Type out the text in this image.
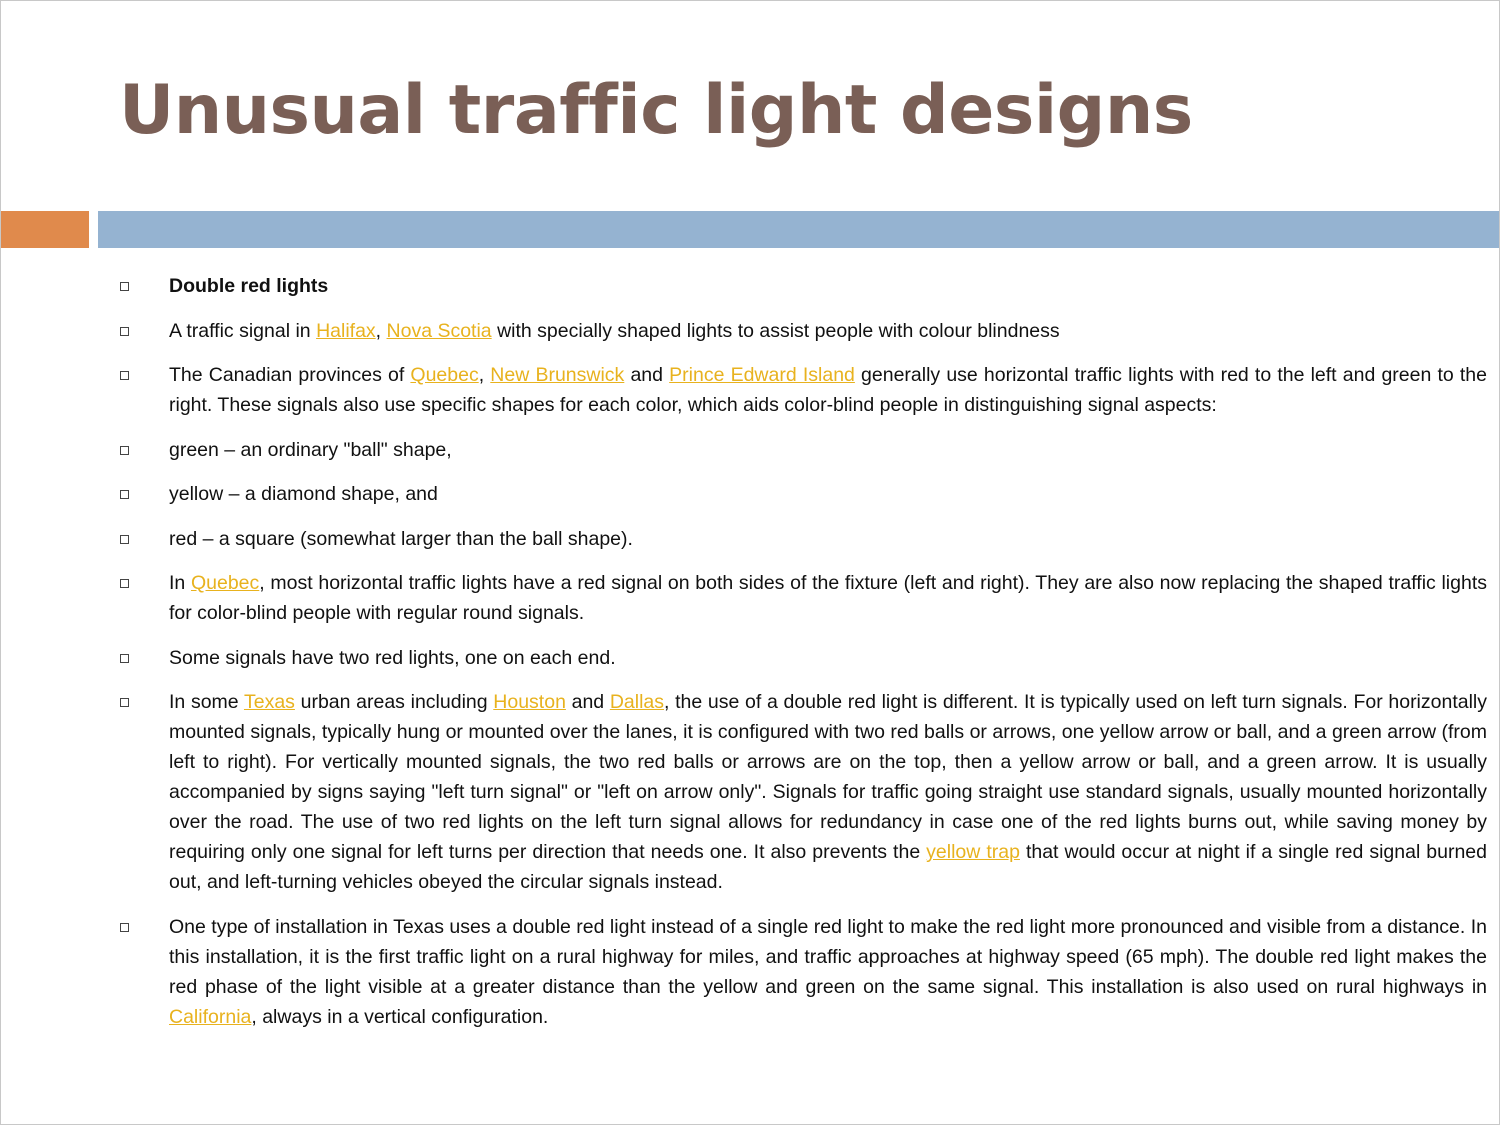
Unusual traffic light designs
Double red lights
A traffic signal in Halifax, Nova Scotia with specially shaped lights to assist people with colour blindness
The Canadian provinces of Quebec, New Brunswick and Prince Edward Island generally use horizontal traffic lights with red to the left and green to the right. These signals also use specific shapes for each color, which aids color-blind people in distinguishing signal aspects:
green – an ordinary "ball" shape,
yellow – a diamond shape, and
red – a square (somewhat larger than the ball shape).
In Quebec, most horizontal traffic lights have a red signal on both sides of the fixture (left and right). They are also now replacing the shaped traffic lights for color-blind people with regular round signals.
Some signals have two red lights, one on each end.
In some Texas urban areas including Houston and Dallas, the use of a double red light is different. It is typically used on left turn signals. For horizontally mounted signals, typically hung or mounted over the lanes, it is configured with two red balls or arrows, one yellow arrow or ball, and a green arrow (from left to right). For vertically mounted signals, the two red balls or arrows are on the top, then a yellow arrow or ball, and a green arrow. It is usually accompanied by signs saying "left turn signal" or "left on arrow only". Signals for traffic going straight use standard signals, usually mounted horizontally over the road. The use of two red lights on the left turn signal allows for redundancy in case one of the red lights burns out, while saving money by requiring only one signal for left turns per direction that needs one. It also prevents the yellow trap that would occur at night if a single red signal burned out, and left-turning vehicles obeyed the circular signals instead.
One type of installation in Texas uses a double red light instead of a single red light to make the red light more pronounced and visible from a distance. In this installation, it is the first traffic light on a rural highway for miles, and traffic approaches at highway speed (65 mph). The double red light makes the red phase of the light visible at a greater distance than the yellow and green on the same signal. This installation is also used on rural highways in California, always in a vertical configuration.
